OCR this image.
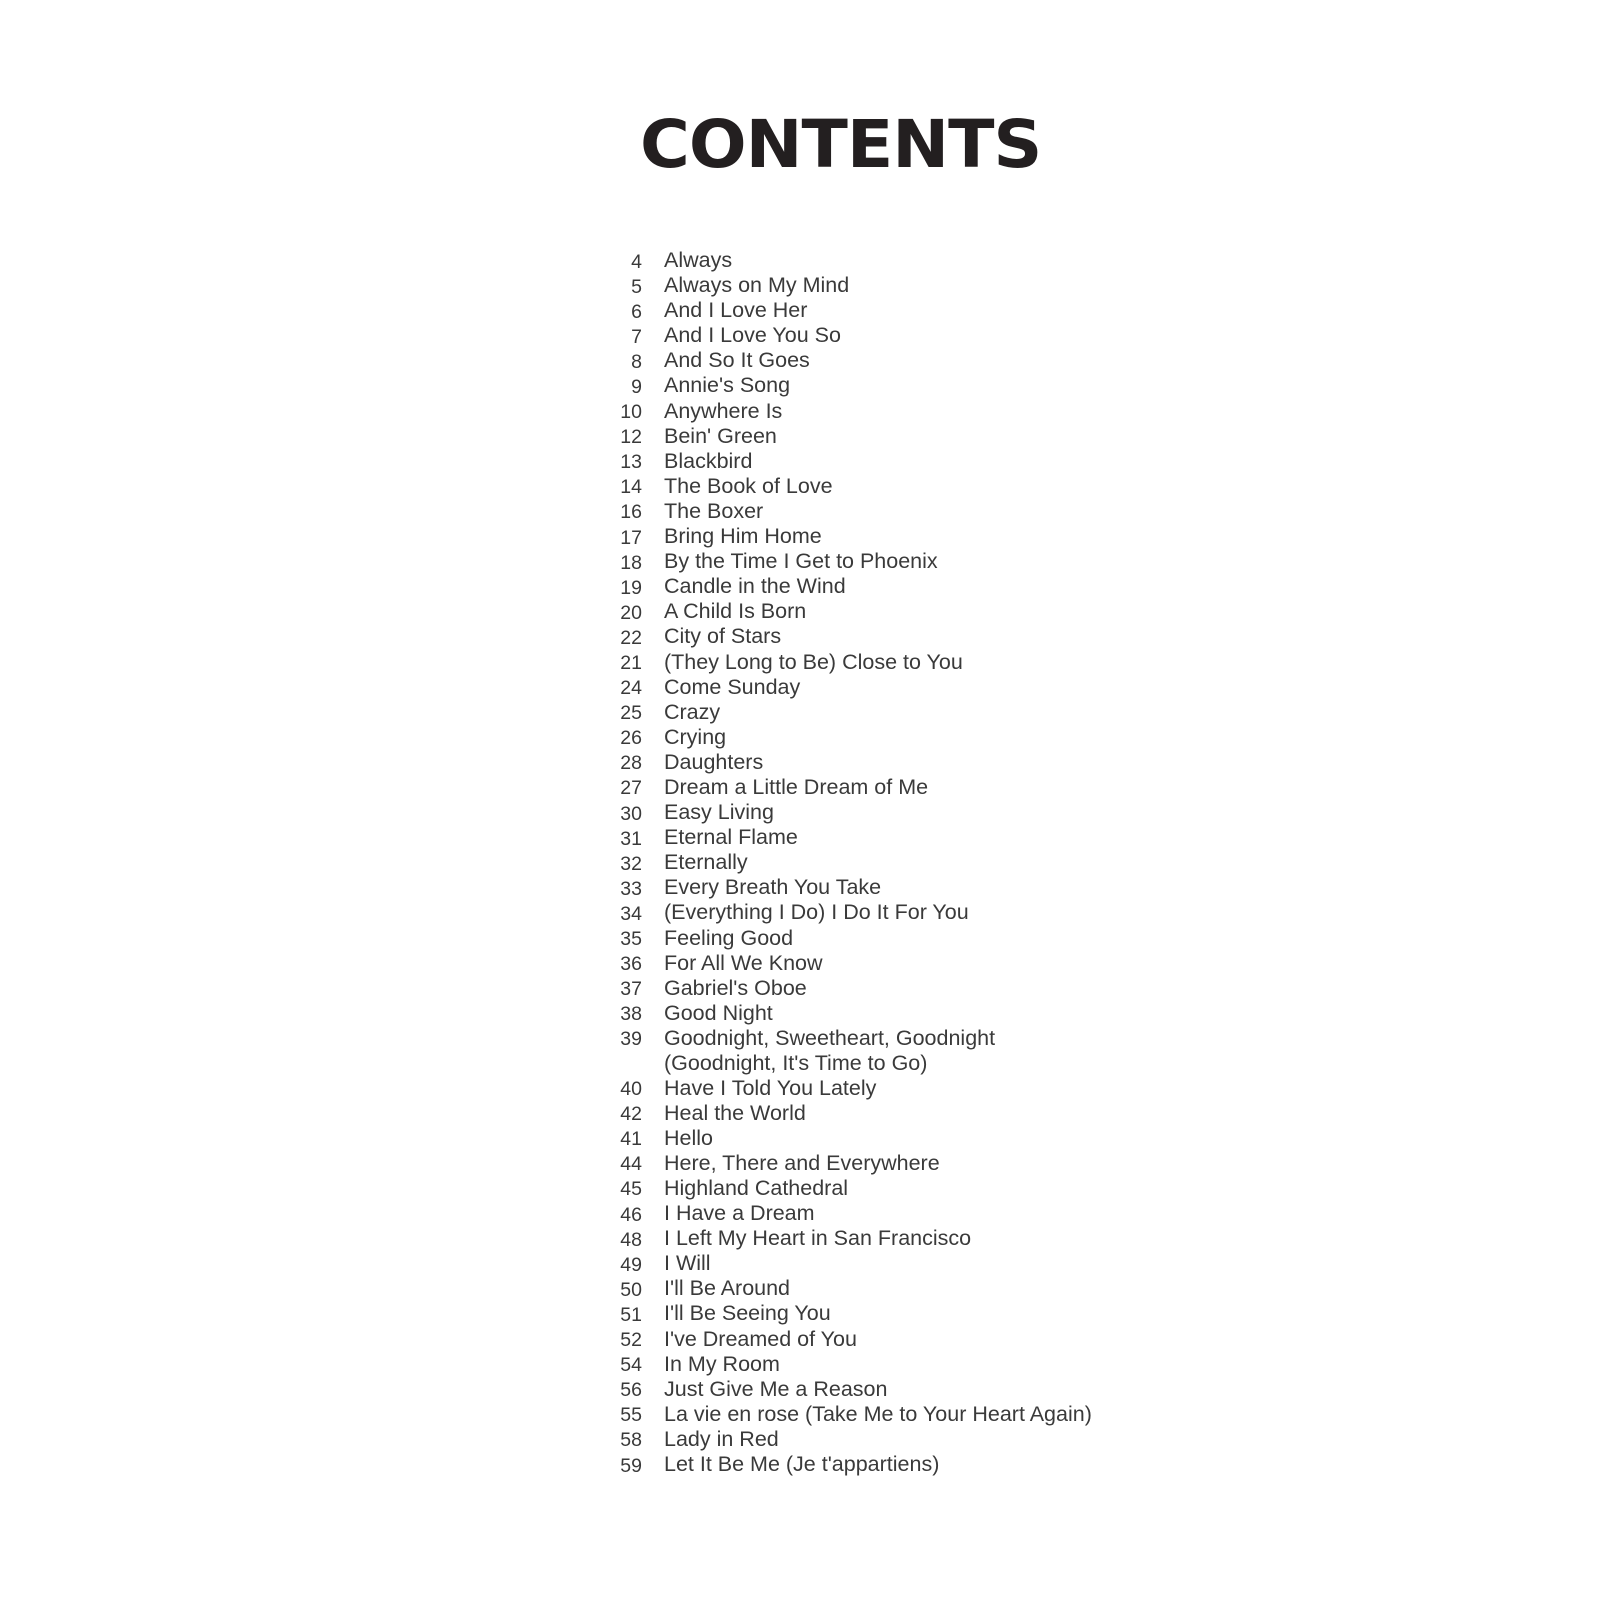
CONTENTS
4	Always
5	Always on My Mind
6	And I Love Her
7	And I Love You So
8	And So It Goes
9	Annie's Song
10	Anywhere Is
12	Bein' Green
13	Blackbird
14	The Book of Love
16	The Boxer
17	Bring Him Home
18	By the Time I Get to Phoenix
19	Candle in the Wind
20	A Child Is Born
22	City of Stars
21	(They Long to Be) Close to You
24	Come Sunday
25	Crazy
26	Crying
28	Daughters
27	Dream a Little Dream of Me
30	Easy Living
31	Eternal Flame
32	Eternally
33	Every Breath You Take
34	(Everything I Do) I Do It For You
35	Feeling Good
36	For All We Know
37	Gabriel's Oboe
38	Good Night
39	Goodnight, Sweetheart, Goodnight
(Goodnight, It's Time to Go)
40	Have I Told You Lately
42	Heal the World
41	Hello
44	Here, There and Everywhere
45	Highland Cathedral
46	I Have a Dream
48	I Left My Heart in San Francisco
49	I Will
50	I'll Be Around
51	I'll Be Seeing You
52	I've Dreamed of You
54	In My Room
56	Just Give Me a Reason
55	La vie en rose (Take Me to Your Heart Again)
58	Lady in Red
59	Let It Be Me (Je t'appartiens)
